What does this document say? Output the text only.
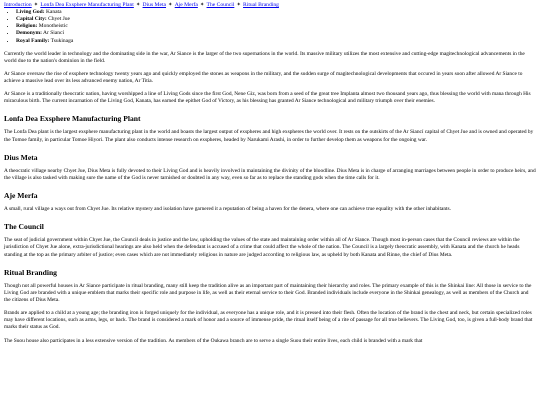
Introduction ✦ Lonfa Dea Exsphere Manufacturing Plant ✦ Dius Meta ✦ Aje Merfa ✦ The Council ✦ Ritual Branding
• Living God: Kanata
• Capital City: Chyet Jue
• Religion: Monotheistic
• Demonym: Ar Siancí
• Royal Family: Tsukinaga

Currently the world leader in technology and the dominating side in the war, Ar Siance is the larger of the two supernations in the world. Its massive military utilizes the most extensive and cutting-edge magitechnological advancements in the world due to the nation's dominion in the field.

Ar Siance oversaw the rise of exsphere technology twenty years ago and quickly employed the stones as weapons in the military, and the sudden surge of magitechnological developments that occured in years soon after allowed Ar Siance to achieve a massive lead over its less advanced enemy nation, Ar Titia.

Ar Siance is a traditionally theocratic nation, having worshipped a line of Living Gods since the first God, Nene Giz, was born from a seed of the great tree Implanta almost two thousand years ago, thus blessing the world with mana through His miraculous birth. The current incarnation of the Living God, Kanata, has earned the epithet God of Victory, as his blessing has granted Ar Siance technological and military triumph over their enemies.

Lonfa Dea Exsphere Manufacturing Plant

The Lonfa Dea plant is the largest exsphere manufacturing plant in the world and boasts the largest output of exspheres and high exspheres the world over. It rests on the outskirts of the Ar Siancí capital of Chyet Jue and is owned and operated by the Tomoe family, in particular Tomoe Hiyori. The plant also conducts intense research on exspheres, headed by Narukami Arashi, in order to further develop them as weapons for the ongoing war.

Dius Meta

A theocratic village nearby Chyet Jue, Dius Meta is fully devoted to their Living God and is heavily involved in maintaining the divinity of the bloodline. Dius Meta is in charge of arranging marriages between people in order to produce heirs, and the village is also tasked with making sure the name of the God is never tarnished or doubted in any way, even so far as to replace the standing gods when the time calls for it.

Aje Merfa

A small, rural village a ways out from Chyet Jue. Its relative mystery and isolation have garnered it a reputation of being a haven for the denera, where one can achieve true equality with the other inhabitants.

The Council

The seat of judicial government within Chyet Jue, the Council deals in justice and the law, upholding the values of the state and maintaining order within all of Ar Siance. Though most in-person cases that the Council reviews are within the jurisdiction of Chyet Jue alone, extra-jurisdictional hearings are also held when the defendant is accused of a crime that could affect the whole of the nation. The Council is a largely theocratic assembly, with Kanata and the church he heads standing at the top as the primary arbiter of justice; even cases which are not immediately religious in nature are judged according to religious law, as upheld by both Kanata and Rinne, the chief of Dius Meta.

Ritual Branding

Though not all powerful houses in Ar Siance participate in ritual branding, many still keep the tradition alive as an important part of maintaining their hierarchy and roles. The primary example of this is the Shinkai line: All those in service to the Living God are branded with a unique emblem that marks their specific role and purpose in life, as well as their eternal service to their God. Branded individuals include everyone in the Shinkai genealogy, as well as members of the Church and the citizens of Dius Meta.

Brands are applied to a child at a young age; the branding iron is forged uniquely for the individual, as everyone has a unique role, and it is pressed into their flesh. Often the location of the brand is the chest and neck, but certain specialized roles may have different locations, such as arms, legs, or back. The brand is considered a mark of honor and a source of immense pride, the ritual itself being of a rite of passage for all true believers. The Living God, too, is given a full-body brand that marks their status as God.

The Suou house also participates in a less extensive version of the tradition. As members of the Oukawa branch are to serve a single Suou their entire lives, each child is branded with a mark that
